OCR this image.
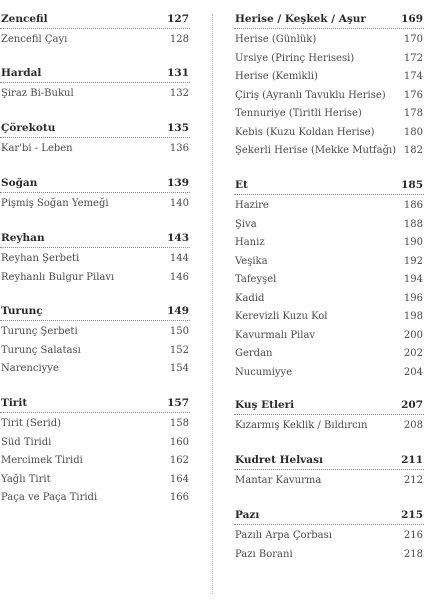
Zencefil	127
Zencefil Çayı	128
Hardal	131
Şiraz Bi-Bukul	132
Çörekotu	135
Kar'bi - Leben	136
Soğan	139
Pişmiş Soğan Yemeği	140
Reyhan	143
Reyhan Şerbeti	144
Reyhanlı Bulgur Pilavı	146
Turunç	149
Turunç Şerbeti	150
Turunç Salatası	152
Narenciyye	154
Tirit	157
Tirit (Serid)	158
Süd Tiridi	160
Mercimek Tiridi	162
Yağlı Tirit	164
Paça ve Paça Tiridi	166
Herise / Keşkek / Aşur	169
Herise (Günlük)	170
Ursiye (Pirinç Herisesi)	172
Herise (Kemikli)	174
Çiriş (Ayranlı Tavuklu Herise) 176
Tennuriye (Tiritli Herise)	178
Kebis (Kuzu Koldan Herise)	180
Şekerli Herise (Mekke Mutfağı) 182
Et	185
Hazire	186
Şiva	188
Haniz	190
Veşika	192
Tafeyşel	194
Kadid	196
Kerevizli Kuzu Kol	198
Kavurmalı Pilav	200
Gerdan	202
Nucumiyye	204
Kuş Etleri	207
Kızarmış Keklik / Bıldırcın	208
Kudret Helvası	211
Mantar Kavurma	212
Pazı	215
Pazılı Arpa Çorbası	216
Pazı Borani	218
